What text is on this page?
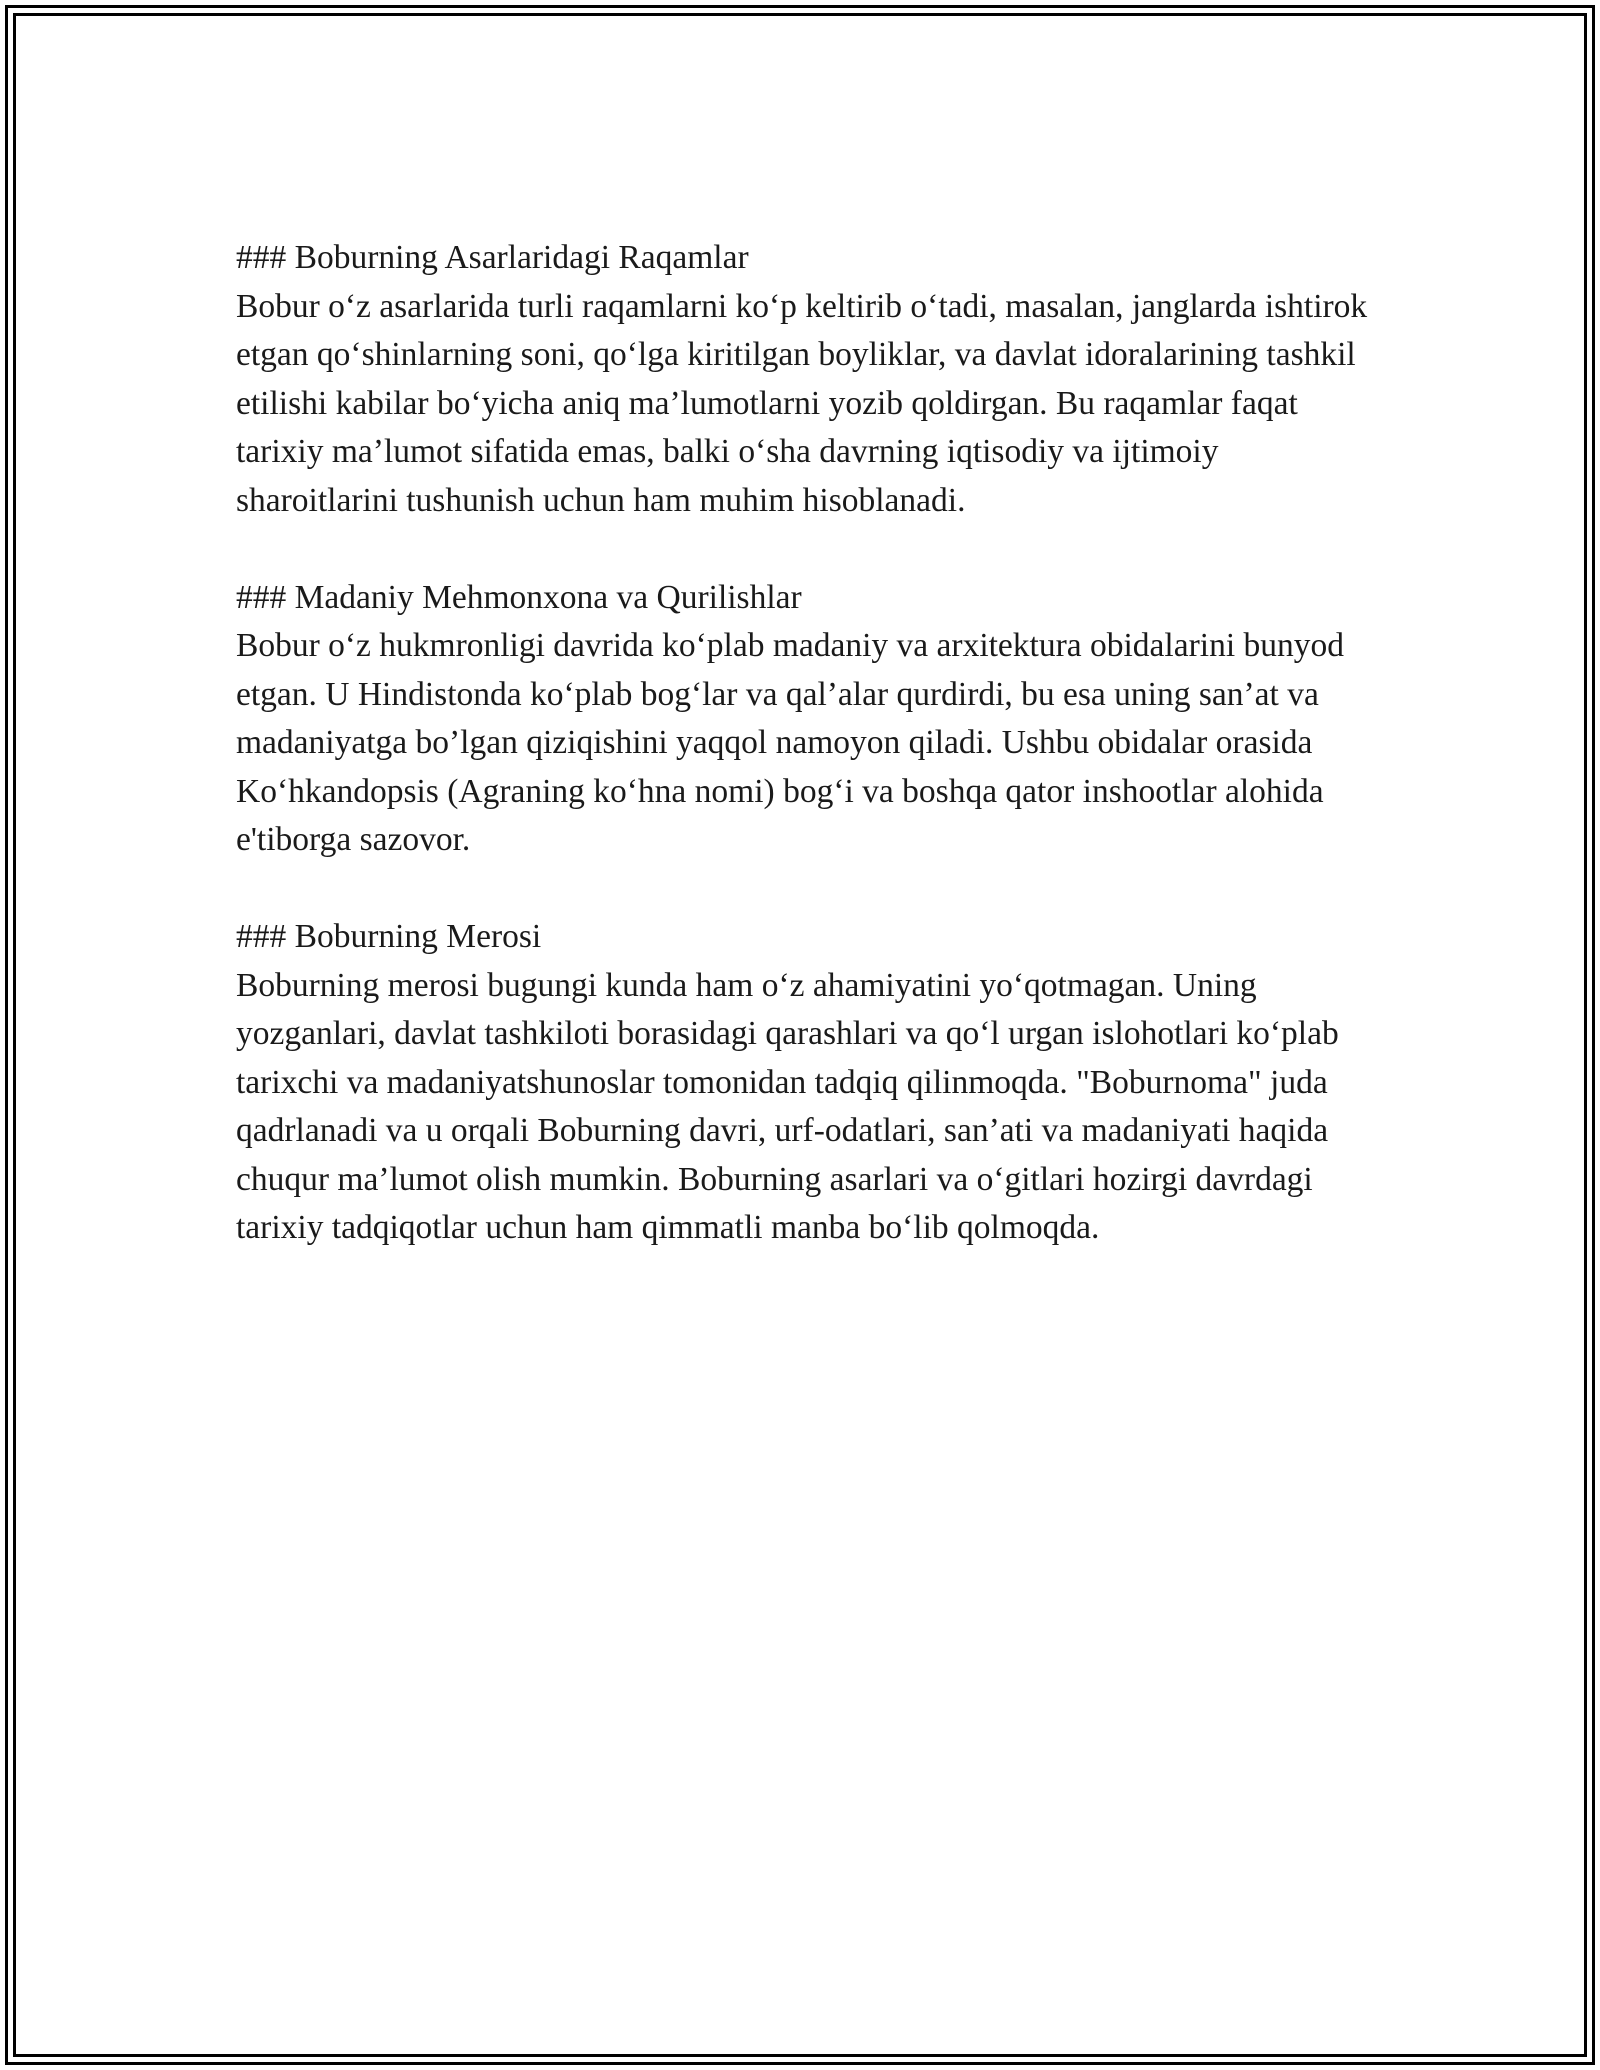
### Boburning Asarlaridagi Raqamlar

Bobur o‘z asarlarida turli raqamlarni ko‘p keltirib o‘tadi, masalan, janglarda ishtirok etgan qo‘shinlarning soni, qo‘lga kiritilgan boyliklar, va davlat idoralarining tashkil etilishi kabilar bo‘yicha aniq ma’lumotlarni yozib qoldirgan. Bu raqamlar faqat tarixiy ma’lumot sifatida emas, balki o‘sha davrning iqtisodiy va ijtimoiy sharoitlarini tushunish uchun ham muhim hisoblanadi.

### Madaniy Mehmonxona va Qurilishlar

Bobur o‘z hukmronligi davrida ko‘plab madaniy va arxitektura obidalarini bunyod etgan. U Hindistonda ko‘plab bog‘lar va qal’alar qurdirdi, bu esa uning san’at va madaniyatga bo’lgan qiziqishini yaqqol namoyon qiladi. Ushbu obidalar orasida Ko‘hkandopsis (Agraning ko‘hna nomi) bog‘i va boshqa qator inshootlar alohida e'tiborga sazovor.

### Boburning Merosi

Boburning merosi bugungi kunda ham o‘z ahamiyatini yo‘qotmagan. Uning yozganlari, davlat tashkiloti borasidagi qarashlari va qo‘l urgan islohotlari ko‘plab tarixchi va madaniyatshunoslar tomonidan tadqiq qilinmoqda. "Boburnoma" juda qadrlanadi va u orqali Boburning davri, urf-odatlari, san’ati va madaniyati haqida chuqur ma’lumot olish mumkin. Boburning asarlari va o‘gitlari hozirgi davrdagi tarixiy tadqiqotlar uchun ham qimmatli manba bo‘lib qolmoqda.
